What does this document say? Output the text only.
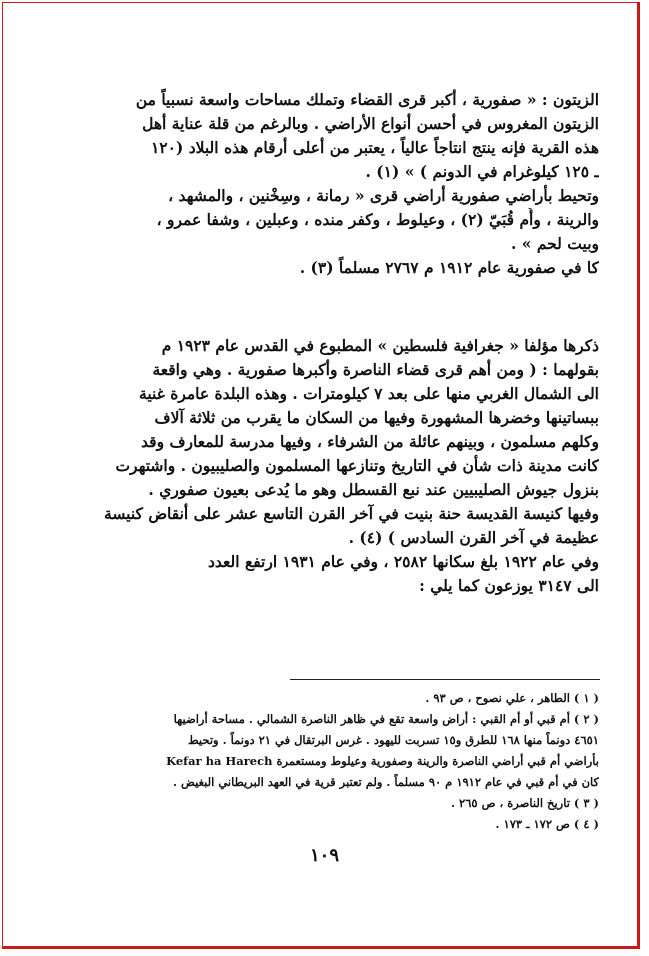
الزيتون : « صفورية ، أكبر قرى القضاء وتملك مساحات واسعة نسبياً من
الزيتون المغروس في أحسن أنواع الأراضي . وبالرغم من قلة عناية أهل
هذه القرية فإنه ينتج انتاجاً عالياً ، يعتبر من أعلى أرقام هذه البلاد (١٢٠
ـ ١٢٥ كيلوغرام في الدونم ) » (١) .
وتحيط بأراضي صفورية أراضي قرى « رمانة ، وسِخْنين ، والمشهد ،
والرينة ، وأُم قُبَيّ (٢) ، وعيلوط ، وكفر منده ، وعبلين ، وشفا عمرو ،
وبيت لحم » .
كا في صفورية عام ١٩١٢ م ٢٧٦٧ مسلماً (٣) .
ذكرها مؤلفا « جغرافية فلسطين » المطبوع في القدس عام ١٩٢٣ م
بقولهما : ( ومن أهم قرى قضاء الناصرة وأكبرها صفورية . وهي واقعة
الى الشمال الغربي منها على بعد ٧ كيلومترات . وهذه البلدة عامرة غنية
ببساتينها وخضرها المشهورة وفيها من السكان ما يقرب من ثلاثة آلاف
وكلهم مسلمون ، وبينهم عائلة من الشرفاء ، وفيها مدرسة للمعارف وقد
كانت مدينة ذات شأن في التاريخ وتنازعها المسلمون والصليبيون . واشتهرت
بنزول جيوش الصليبيين عند نبع القسطل وهو ما يُدعى بعيون صفوري .
وفيها كنيسة القديسة حنة بنيت في آخر القرن التاسع عشر على أنقاض كنيسة
عظيمة في آخر القرن السادس ) (٤) .
وفي عام ١٩٢٢ بلغ سكانها ٢٥٨٢ ، وفي عام ١٩٣١ ارتفع العدد
الى ٣١٤٧ يوزعون كما يلي :
( ١ ) الطاهر ، علي نصوح ، ص ٩٣ .
( ٢ ) أم قبي أو أم القبي : أراض واسعة تقع في ظاهر الناصرة الشمالي . مساحة أراضيها
٤٦٥١ دونماً منها ١٦٨ للطرق و١٥ تسربت لليهود . غرس البرتقال في ٢١ دونماً . وتحيط
بأراضي أم قبي أراضي الناصرة والرينة وصفورية وعيلوط ومستعمرة Kefar ha Harech
كان في أم قبي في عام ١٩١٢ م ٩٠ مسلماً . ولم تعتبر قرية في العهد البريطاني البغيض .
( ٣ ) تاريخ الناصرة ، ص ٢٦٥ .
( ٤ ) ص ١٧٢ ـ ١٧٣ .
١٠٩
